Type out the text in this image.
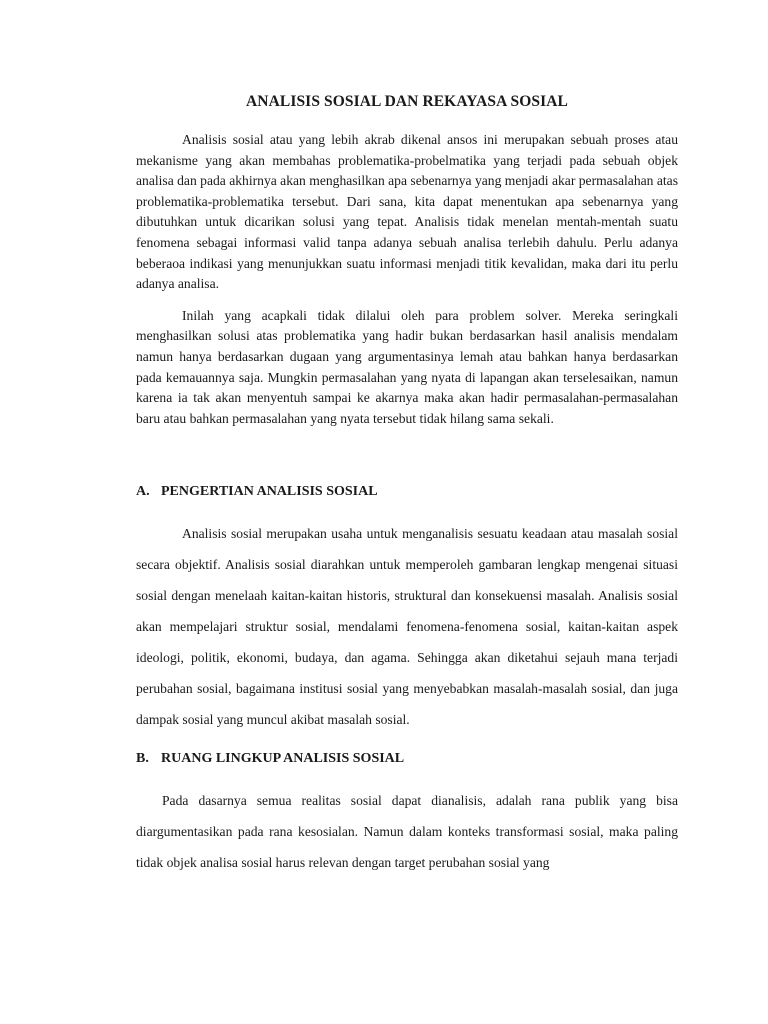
ANALISIS SOSIAL DAN REKAYASA SOSIAL

Analisis sosial atau yang lebih akrab dikenal ansos ini merupakan sebuah proses atau mekanisme yang akan membahas problematika-probelmatika yang terjadi pada sebuah objek analisa dan pada akhirnya akan menghasilkan apa sebenarnya yang menjadi akar permasalahan atas problematika-problematika tersebut. Dari sana, kita dapat menentukan apa sebenarnya yang dibutuhkan untuk dicarikan solusi yang tepat. Analisis tidak menelan mentah-mentah suatu fenomena sebagai informasi valid tanpa adanya sebuah analisa terlebih dahulu. Perlu adanya beberaoa indikasi yang menunjukkan suatu informasi menjadi titik kevalidan, maka dari itu perlu adanya analisa.

Inilah yang acapkali tidak dilalui oleh para problem solver. Mereka seringkali menghasilkan solusi atas problematika yang hadir bukan berdasarkan hasil analisis mendalam namun hanya berdasarkan dugaan yang argumentasinya lemah atau bahkan hanya berdasarkan pada kemauannya saja. Mungkin permasalahan yang nyata di lapangan akan terselesaikan, namun karena ia tak akan menyentuh sampai ke akarnya maka akan hadir permasalahan-permasalahan baru atau bahkan permasalahan yang nyata tersebut tidak hilang sama sekali.

A. PENGERTIAN ANALISIS SOSIAL

Analisis sosial merupakan usaha untuk menganalisis sesuatu keadaan atau masalah sosial secara objektif. Analisis sosial diarahkan untuk memperoleh gambaran lengkap mengenai situasi sosial dengan menelaah kaitan-kaitan historis, struktural dan konsekuensi masalah. Analisis sosial akan mempelajari struktur sosial, mendalami fenomena-fenomena sosial, kaitan-kaitan aspek ideologi, politik, ekonomi, budaya, dan agama. Sehingga akan diketahui sejauh mana terjadi perubahan sosial, bagaimana institusi sosial yang menyebabkan masalah-masalah sosial, dan juga dampak sosial yang muncul akibat masalah sosial.

B. RUANG LINGKUP ANALISIS SOSIAL

Pada dasarnya semua realitas sosial dapat dianalisis, adalah rana publik yang bisa diargumentasikan pada rana kesosialan. Namun dalam konteks transformasi sosial, maka paling tidak objek analisa sosial harus relevan dengan target perubahan sosial yang
